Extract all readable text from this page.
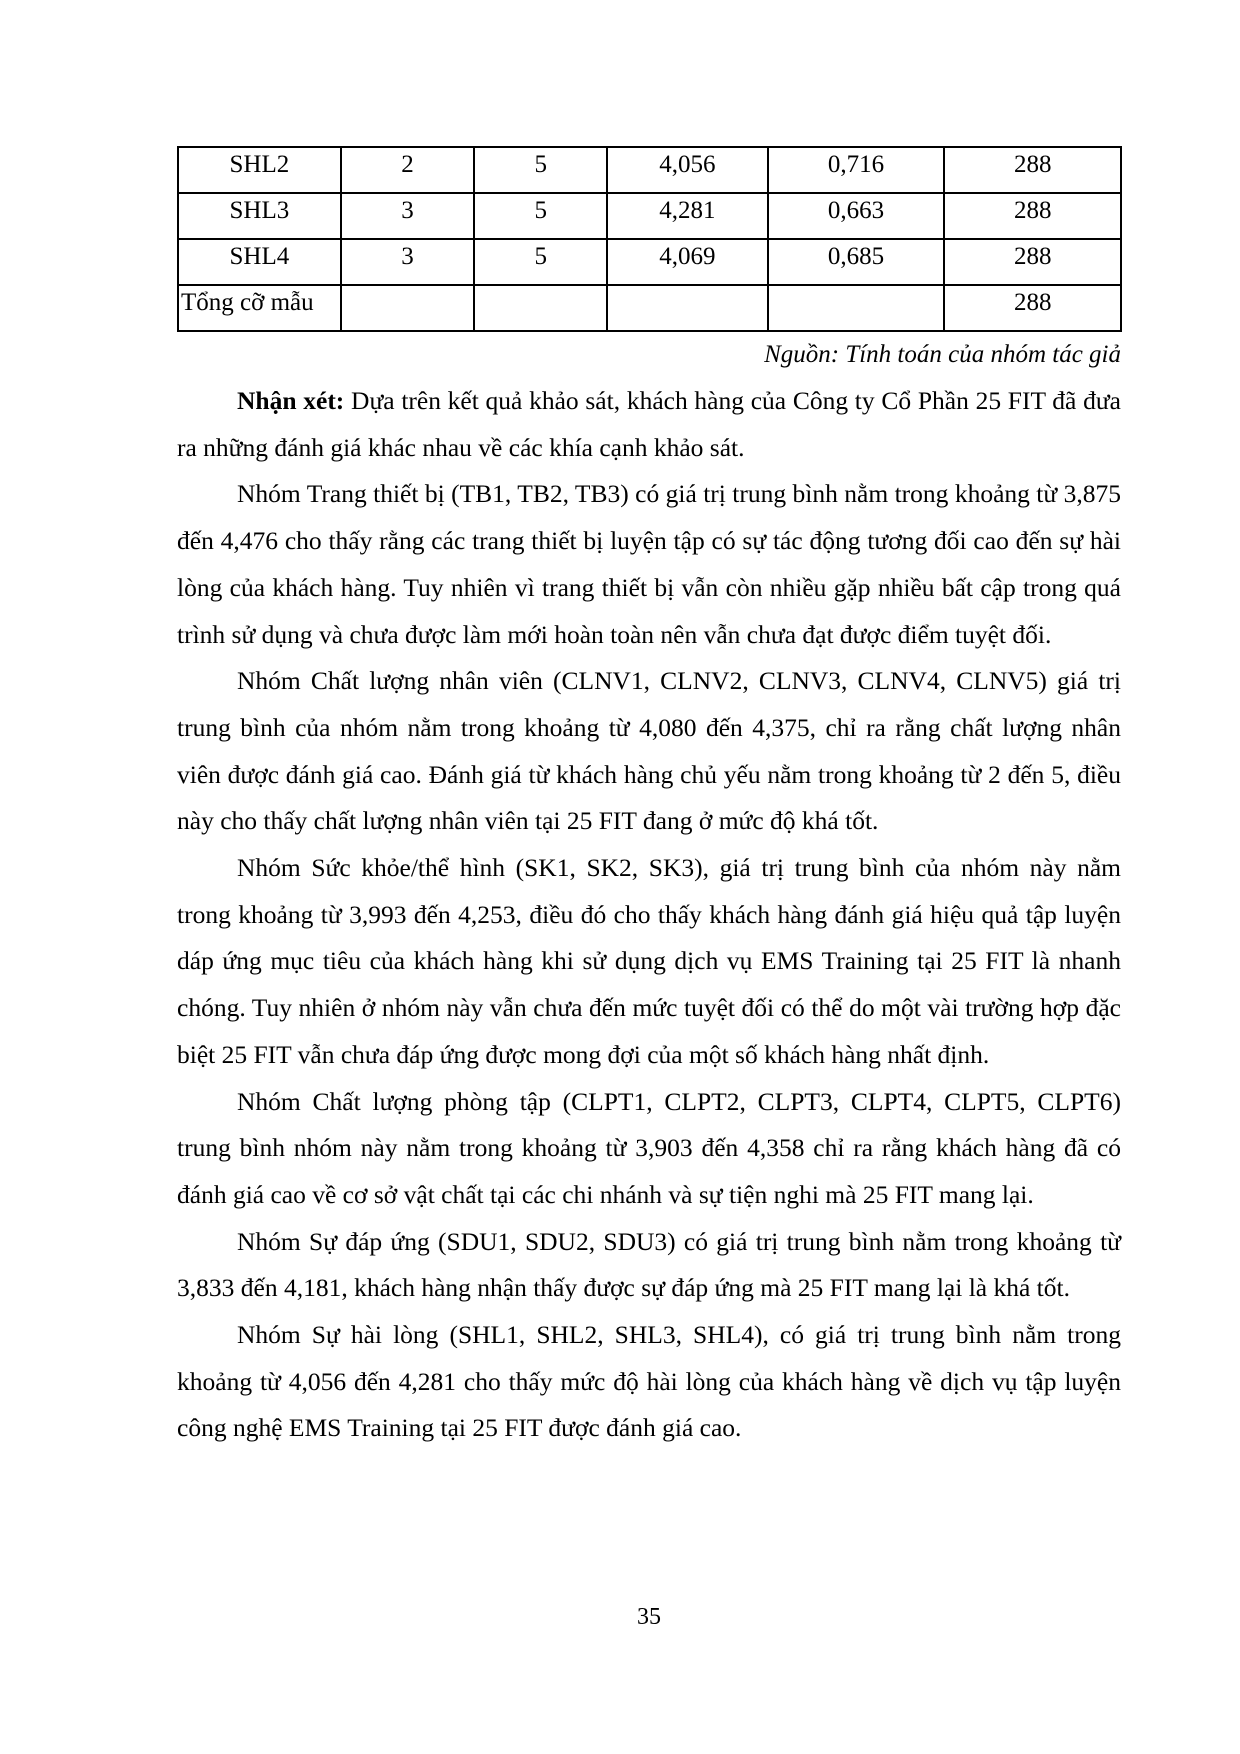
SHL2	2	5	4,056	0,716	288
SHL3	3	5	4,281	0,663	288
SHL4	3	5	4,069	0,685	288
Tổng cỡ mẫu					288
Nguồn: Tính toán của nhóm tác giả

Nhận xét: Dựa trên kết quả khảo sát, khách hàng của Công ty Cổ Phần 25 FIT đã đưa ra những đánh giá khác nhau về các khía cạnh khảo sát.

Nhóm Trang thiết bị (TB1, TB2, TB3) có giá trị trung bình nằm trong khoảng từ 3,875 đến 4,476 cho thấy rằng các trang thiết bị luyện tập có sự tác động tương đối cao đến sự hài lòng của khách hàng. Tuy nhiên vì trang thiết bị vẫn còn nhiều gặp nhiều bất cập trong quá trình sử dụng và chưa được làm mới hoàn toàn nên vẫn chưa đạt được điểm tuyệt đối.

Nhóm Chất lượng nhân viên (CLNV1, CLNV2, CLNV3, CLNV4, CLNV5) giá trị trung bình của nhóm nằm trong khoảng từ 4,080 đến 4,375, chỉ ra rằng chất lượng nhân viên được đánh giá cao. Đánh giá từ khách hàng chủ yếu nằm trong khoảng từ 2 đến 5, điều này cho thấy chất lượng nhân viên tại 25 FIT đang ở mức độ khá tốt.

Nhóm Sức khỏe/thể hình (SK1, SK2, SK3), giá trị trung bình của nhóm này nằm trong khoảng từ 3,993 đến 4,253, điều đó cho thấy khách hàng đánh giá hiệu quả tập luyện dáp ứng mục tiêu của khách hàng khi sử dụng dịch vụ EMS Training tại 25 FIT là nhanh chóng. Tuy nhiên ở nhóm này vẫn chưa đến mức tuyệt đối có thể do một vài trường hợp đặc biệt 25 FIT vẫn chưa đáp ứng được mong đợi của một số khách hàng nhất định.

Nhóm Chất lượng phòng tập (CLPT1, CLPT2, CLPT3, CLPT4, CLPT5, CLPT6) trung bình nhóm này nằm trong khoảng từ 3,903 đến 4,358 chỉ ra rằng khách hàng đã có đánh giá cao về cơ sở vật chất tại các chi nhánh và sự tiện nghi mà 25 FIT mang lại.

Nhóm Sự đáp ứng (SDU1, SDU2, SDU3) có giá trị trung bình nằm trong khoảng từ 3,833 đến 4,181, khách hàng nhận thấy được sự đáp ứng mà 25 FIT mang lại là khá tốt.

Nhóm Sự hài lòng (SHL1, SHL2, SHL3, SHL4), có giá trị trung bình nằm trong khoảng từ 4,056 đến 4,281 cho thấy mức độ hài lòng của khách hàng về dịch vụ tập luyện công nghệ EMS Training tại 25 FIT được đánh giá cao.

35
